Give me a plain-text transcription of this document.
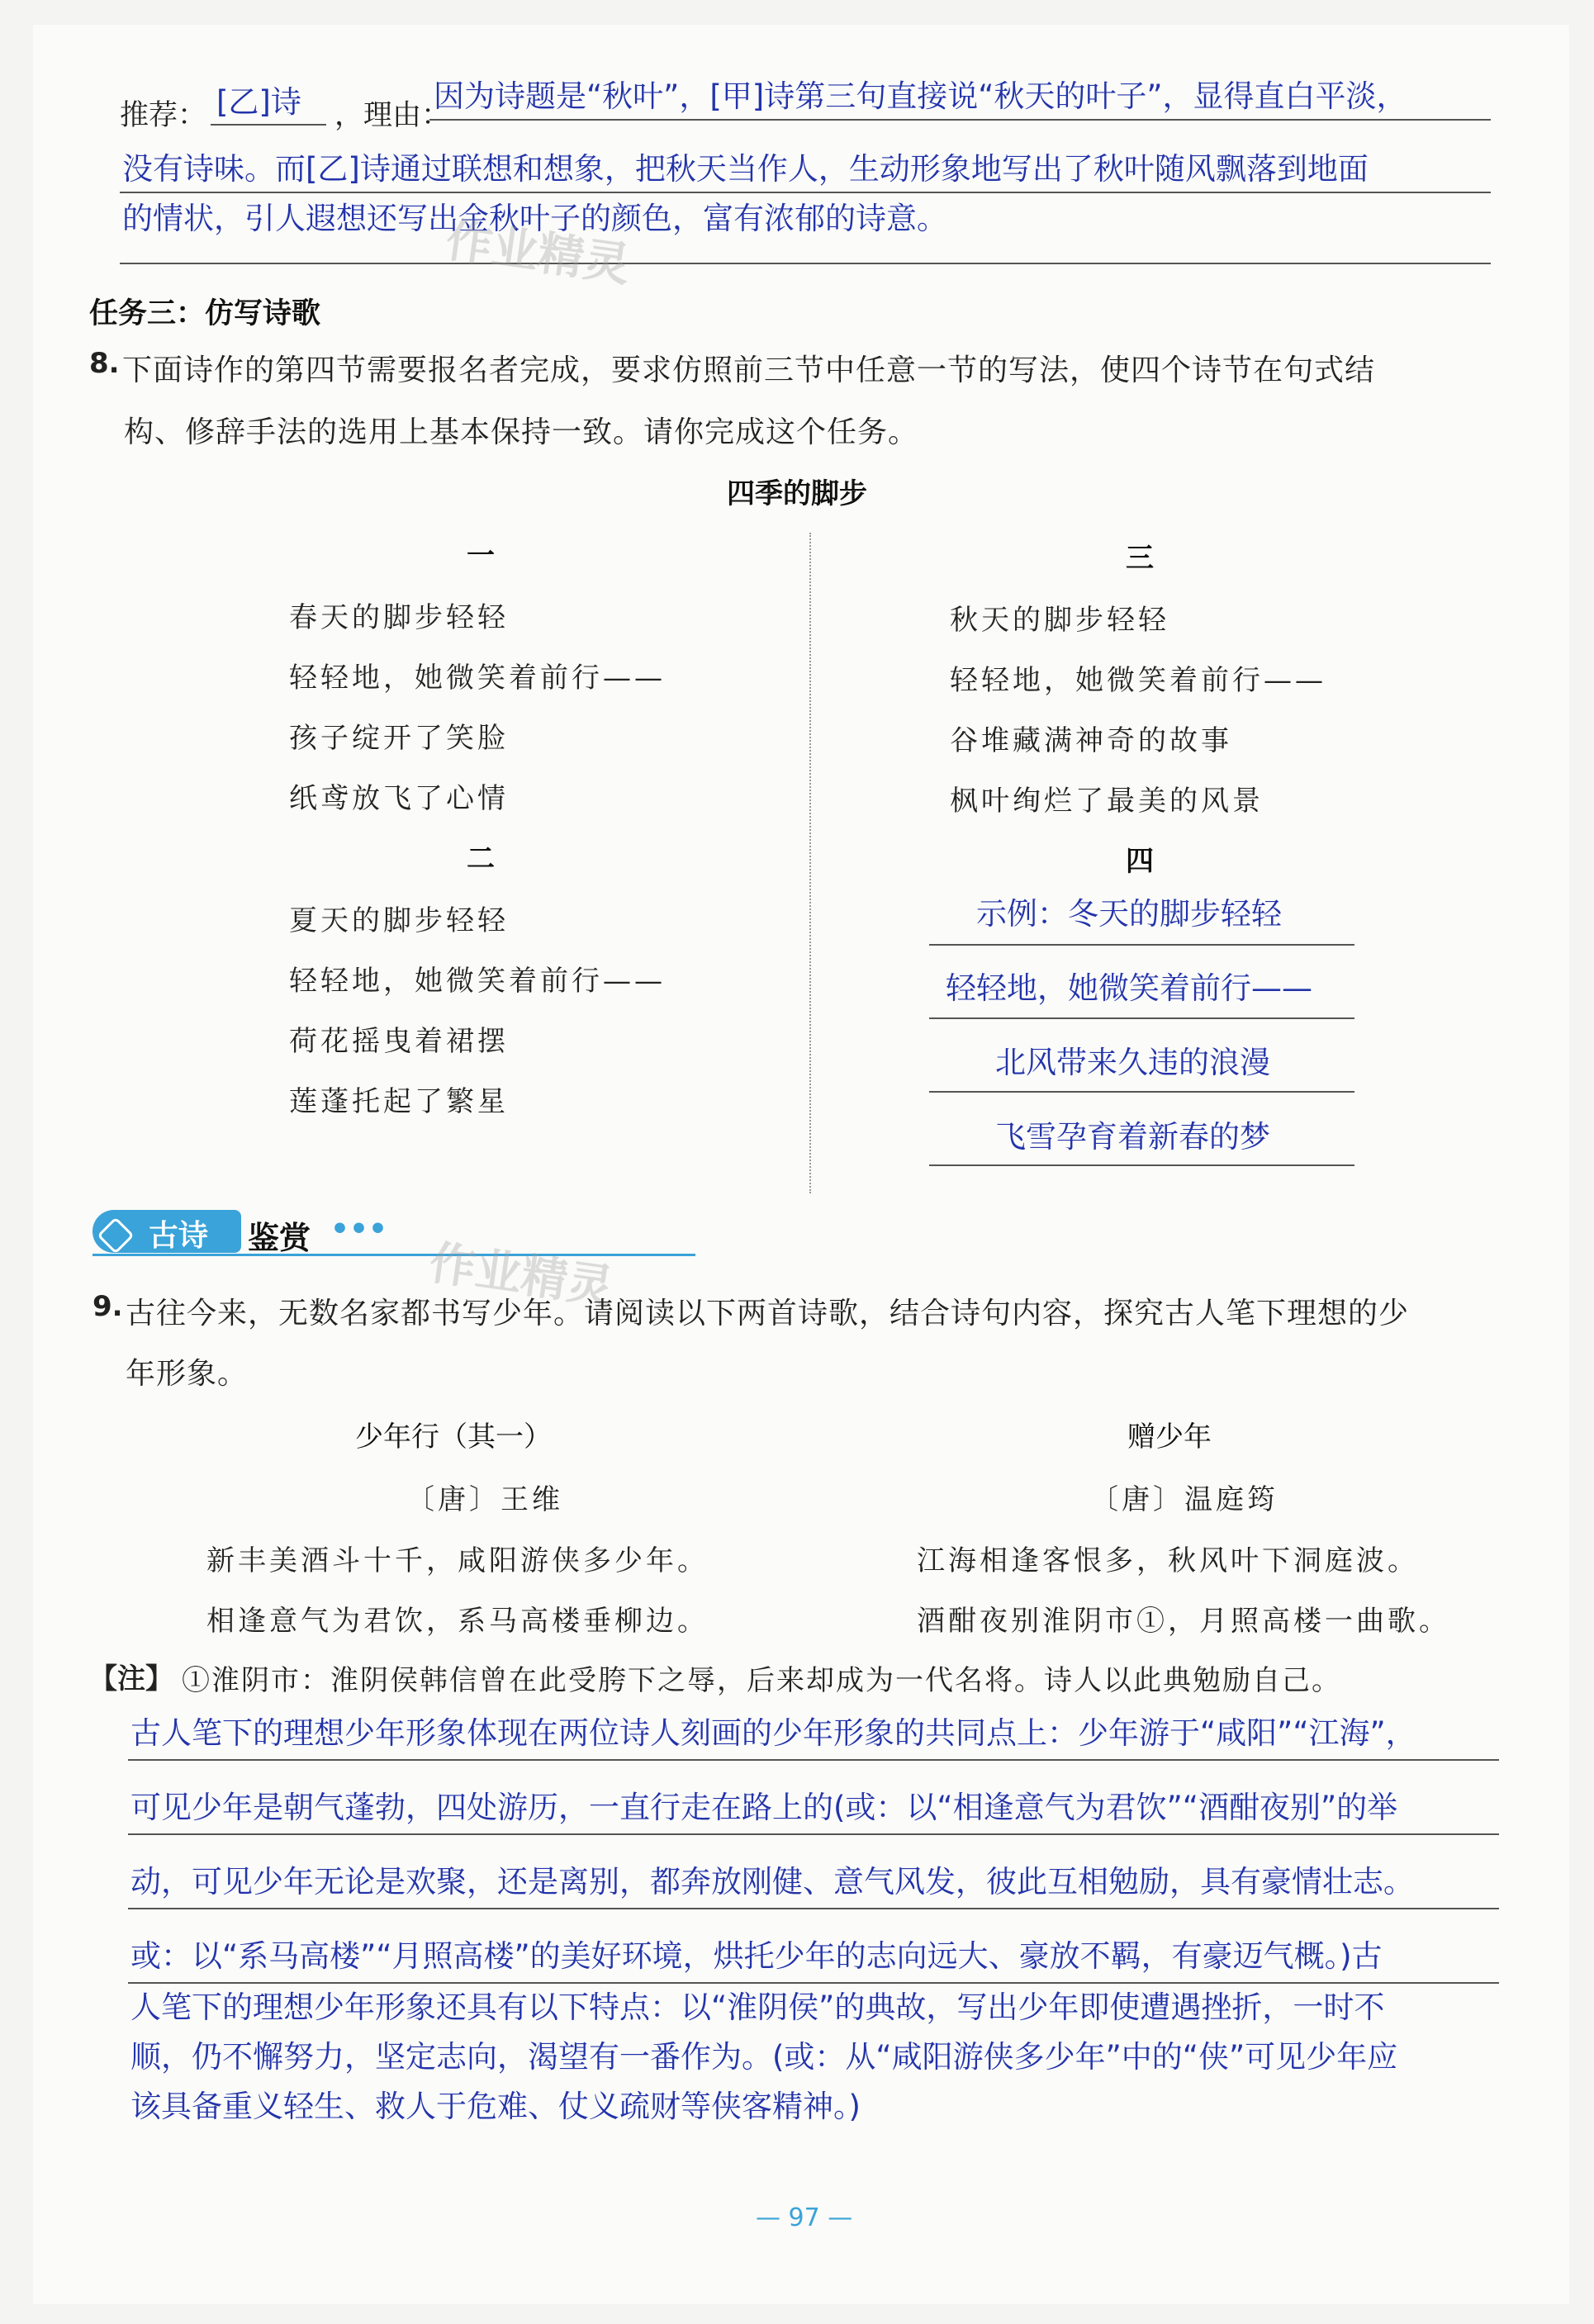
推荐： [乙]诗 ，理由：
因为诗题是“秋叶”，[甲]诗第三句直接说“秋天的叶子”，显得直白平淡，
没有诗味。而[乙]诗通过联想和想象，把秋天当作人，生动形象地写出了秋叶随风飘落到地面
的情状，引人遐想还写出金秋叶子的颜色，富有浓郁的诗意。
作业精灵
任务三：仿写诗歌
8. 下面诗作的第四节需要报名者完成，要求仿照前三节中任意一节的写法，使四个诗节在句式结
构、修辞手法的选用上基本保持一致。请你完成这个任务。
四季的脚步
一
春天的脚步轻轻
轻轻地，她微笑着前行——
孩子绽开了笑脸
纸鸢放飞了心情
二
夏天的脚步轻轻
轻轻地，她微笑着前行——
荷花摇曳着裙摆
莲蓬托起了繁星
三
秋天的脚步轻轻
轻轻地，她微笑着前行——
谷堆藏满神奇的故事
枫叶绚烂了最美的风景
四
示例：冬天的脚步轻轻
轻轻地，她微笑着前行——
北风带来久违的浪漫
飞雪孕育着新春的梦
古诗 鉴赏 •••
作业精灵
9. 古往今来，无数名家都书写少年。请阅读以下两首诗歌，结合诗句内容，探究古人笔下理想的少
年形象。
少年行（其一）
〔唐〕王维
新丰美酒斗十千，咸阳游侠多少年。
相逢意气为君饮，系马高楼垂柳边。
赠少年
〔唐〕温庭筠
江海相逢客恨多，秋风叶下洞庭波。
酒酣夜别淮阴市①，月照高楼一曲歌。
【注】 ①淮阴市：淮阴侯韩信曾在此受胯下之辱，后来却成为一代名将。诗人以此典勉励自己。
古人笔下的理想少年形象体现在两位诗人刻画的少年形象的共同点上：少年游于“咸阳”“江海”，
可见少年是朝气蓬勃，四处游历，一直行走在路上的(或：以“相逢意气为君饮”“酒酣夜别”的举
动，可见少年无论是欢聚，还是离别，都奔放刚健、意气风发，彼此互相勉励，具有豪情壮志。
或：以“系马高楼”“月照高楼”的美好环境，烘托少年的志向远大、豪放不羁，有豪迈气概。)古
人笔下的理想少年形象还具有以下特点：以“淮阴侯”的典故，写出少年即使遭遇挫折，一时不
顺，仍不懈努力，坚定志向，渴望有一番作为。(或：从“咸阳游侠多少年”中的“侠”可见少年应
该具备重义轻生、救人于危难、仗义疏财等侠客精神。)
— 97 —
